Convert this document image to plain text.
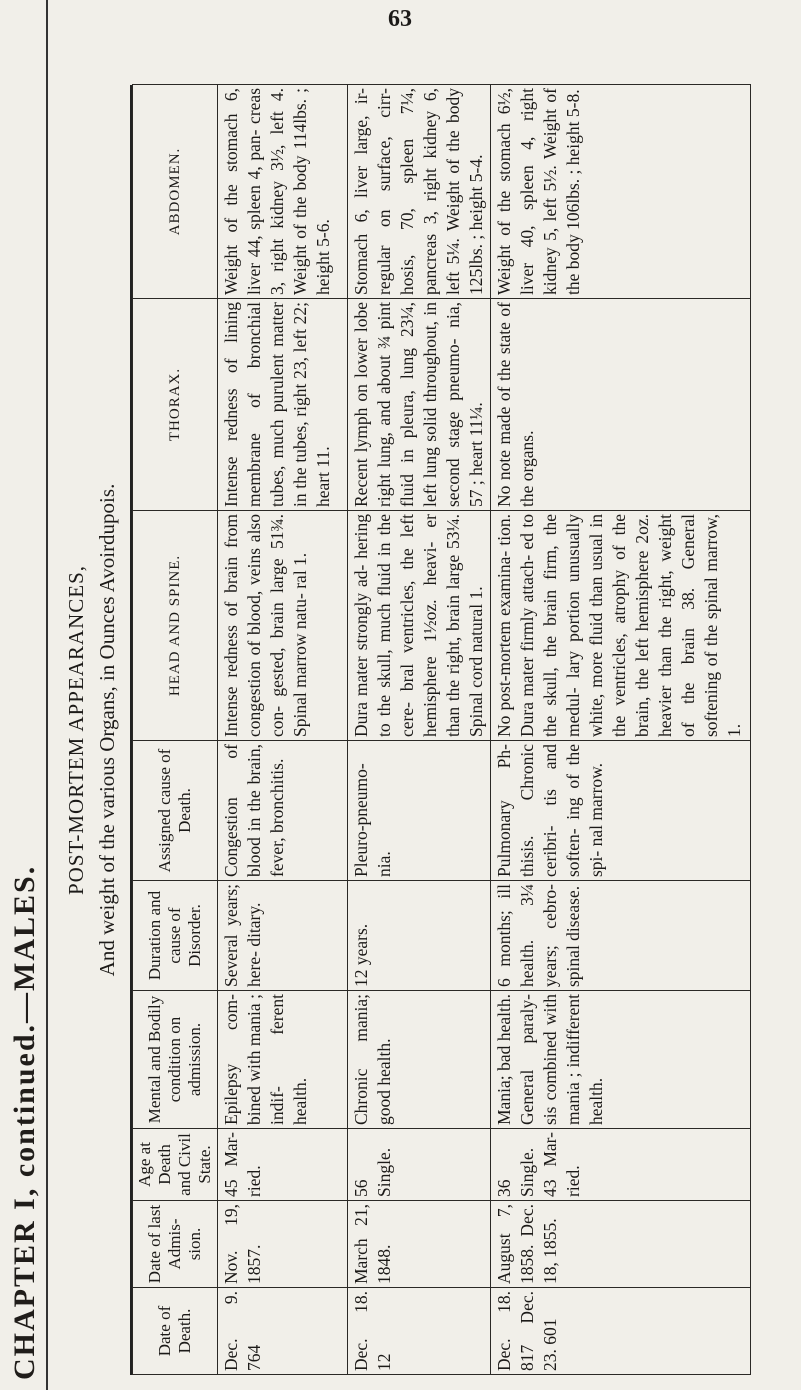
63
CHAPTER I, continued.—MALES.
POST-MORTEM APPEARANCES, And weight of the various Organs, in Ounces Avoirdupois.
Date of Death.	Date of last Admis- sion.	Age at Death and Civil State.	Mental and Bodily condition on admission.	Duration and cause of Disorder.	Assigned cause of Death.	HEAD AND SPINE.	THORAX.	ABDOMEN.
Dec. 9. 764	Nov. 19, 1857.	45 Mar- ried.	Epilepsy com- bined with mania ; indif- ferent health.	Several years; here- ditary.	Congestion of blood in the brain, fever, bronchitis.	Intense redness of brain from congestion of blood, veins also con- gested, brain large 51¾. Spinal marrow natu- ral 1.	Intense redness of lining membrane of bronchial tubes, much purulent matter in the tubes, right 23, left 22; heart 11.	Weight of the stomach 6, liver 44, spleen 4, pan- creas 3, right kidney 3½, left 4. Weight of the body 114lbs. ; height 5-6.
Dec. 18. 12	March 21, 1848.	56 Single.	Chronic mania; good health.	12 years.	Pleuro-pneumo- nia.	Dura mater strongly ad- hering to the skull, much fluid in the cere- bral ventricles, the left hemisphere 1½oz. heavi- er than the right, brain large 53¼. Spinal cord natural 1.	Recent lymph on lower lobe right lung, and about ¾ pint fluid in pleura, lung 23¼, left lung solid throughout, in second stage pneumo- nia, 57 ; heart 11¼.	Stomach 6, liver large, ir- regular on surface, cirr- hosis, 70, spleen 7¼, pancreas 3, right kidney 6, left 5¼. Weight of the body 125lbs. ; height 5-4.
Dec. 18. 817 Dec. 23. 601	August 7, 1858. Dec. 18, 1855.	36 Single. 43 Mar- ried.	Mania; bad health. General paraly- sis combined with mania ; indifferent health.	6 months; ill health. 3¼ years; cebro-spinal disease.	Pulmonary Ph- thisis. Chronic ceribri- tis and soften- ing of the spi- nal marrow.	No post-mortem examina- tion. Dura mater firmly attach- ed to the skull, the brain firm, the medul- lary portion unusually white, more fluid than usual in the ventricles, atrophy of the brain, the left hemisphere 2oz. heavier than the right, weight of the brain 38. General softening of the spinal marrow, 1.	No note made of the state of the organs.	Weight of the stomach 6½, liver 40, spleen 4, right kidney 5, left 5½. Weight of the body 106lbs. ; height 5-8.
